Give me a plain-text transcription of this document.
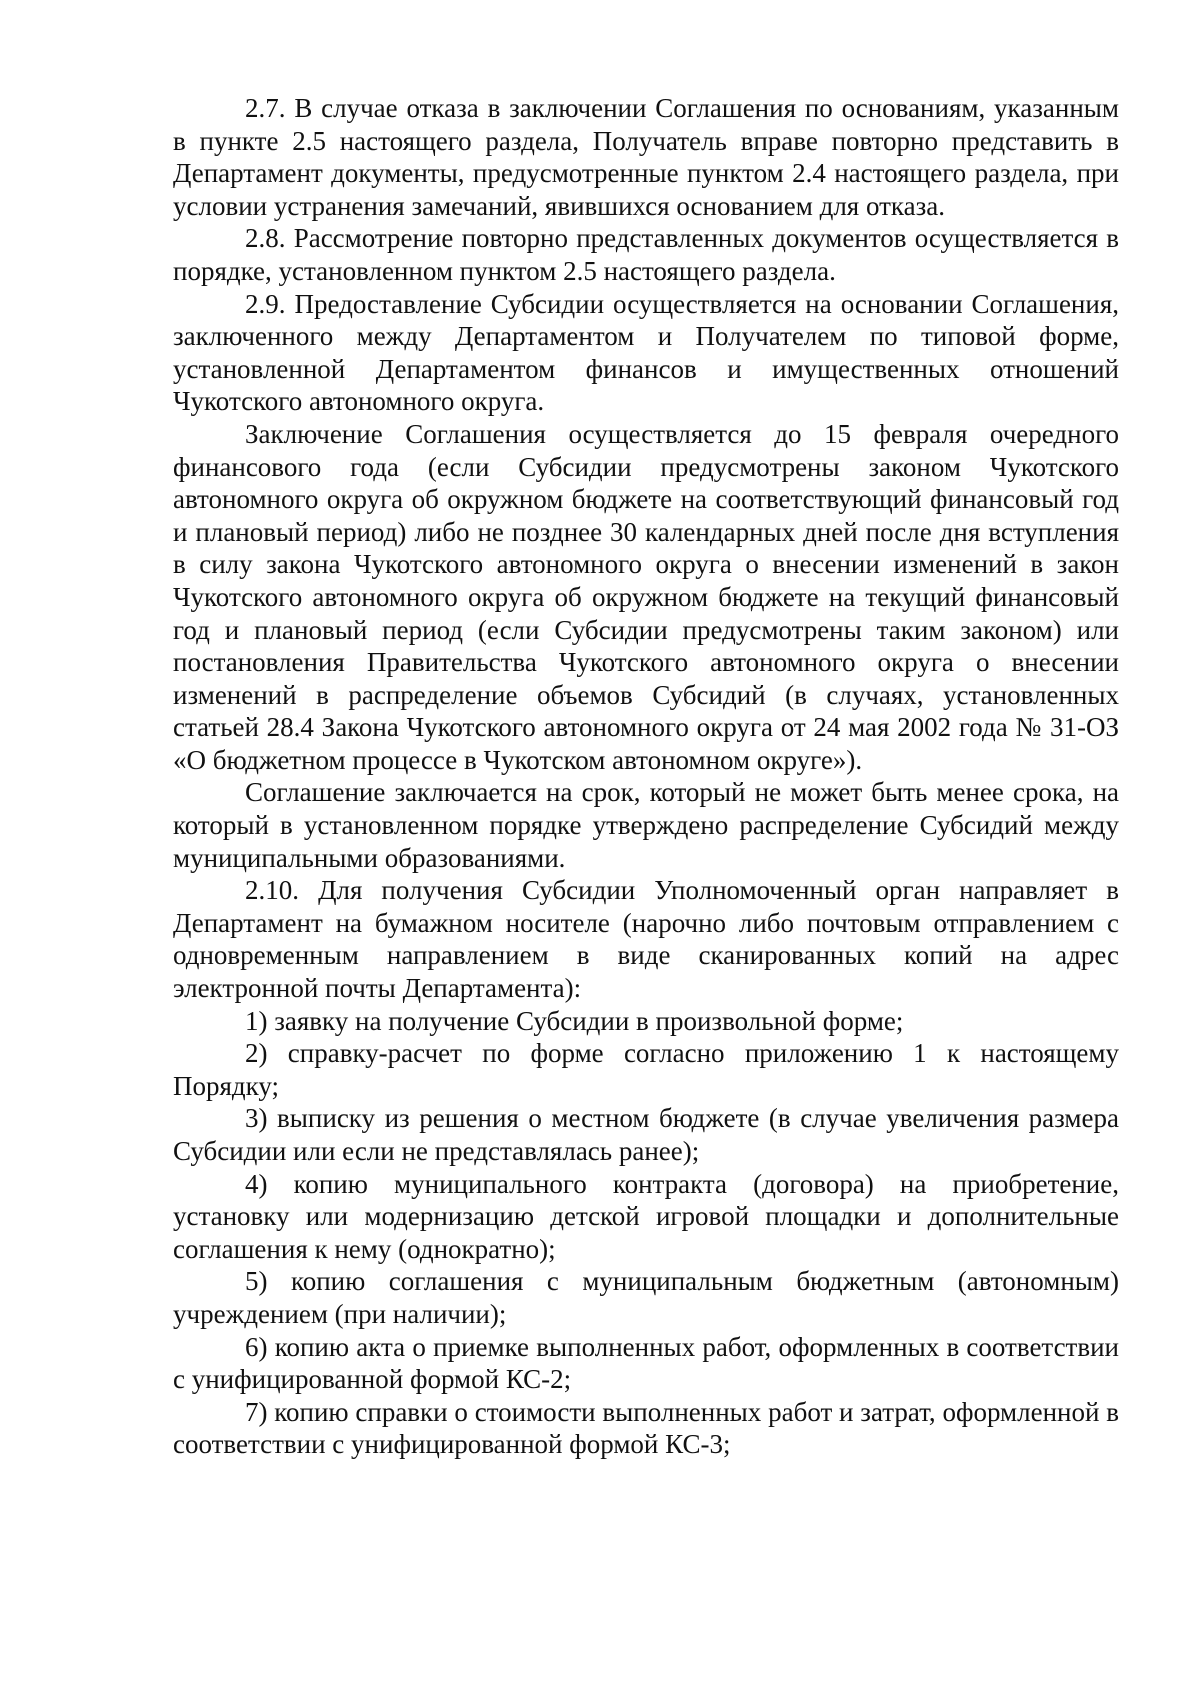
2.7. В случае отказа в заключении Соглашения по основаниям, указанным в пункте 2.5 настоящего раздела, Получатель вправе повторно представить в Департамент документы, предусмотренные пунктом 2.4 настоящего раздела, при условии устранения замечаний, явившихся основанием для отказа.

2.8. Рассмотрение повторно представленных документов осуществляется в порядке, установленном пунктом 2.5 настоящего раздела.

2.9. Предоставление Субсидии осуществляется на основании Соглашения, заключенного между Департаментом и Получателем по типовой форме, установленной Департаментом финансов и имущественных отношений Чукотского автономного округа.

Заключение Соглашения осуществляется до 15 февраля очередного финансового года (если Субсидии предусмотрены законом Чукотского автономного округа об окружном бюджете на соответствующий финансовый год и плановый период) либо не позднее 30 календарных дней после дня вступления в силу закона Чукотского автономного округа о внесении изменений в закон Чукотского автономного округа об окружном бюджете на текущий финансовый год и плановый период (если Субсидии предусмотрены таким законом) или постановления Правительства Чукотского автономного округа о внесении изменений в распределение объемов Субсидий (в случаях, установленных статьей 28.4 Закона Чукотского автономного округа от 24 мая 2002 года № 31-ОЗ «О бюджетном процессе в Чукотском автономном округе»).

Соглашение заключается на срок, который не может быть менее срока, на который в установленном порядке утверждено распределение Субсидий между муниципальными образованиями.

2.10. Для получения Субсидии Уполномоченный орган направляет в Департамент на бумажном носителе (нарочно либо почтовым отправлением с одновременным направлением в виде сканированных копий на адрес электронной почты Департамента):

1) заявку на получение Субсидии в произвольной форме;

2) справку-расчет по форме согласно приложению 1 к настоящему Порядку;

3) выписку из решения о местном бюджете (в случае увеличения размера Субсидии или если не представлялась ранее);

4) копию муниципального контракта (договора) на приобретение, установку или модернизацию детской игровой площадки и дополнительные соглашения к нему (однократно);

5) копию соглашения с муниципальным бюджетным (автономным) учреждением (при наличии);

6) копию акта о приемке выполненных работ, оформленных в соответствии с унифицированной формой КС-2;

7) копию справки о стоимости выполненных работ и затрат, оформленной в соответствии с унифицированной формой КС-3;
